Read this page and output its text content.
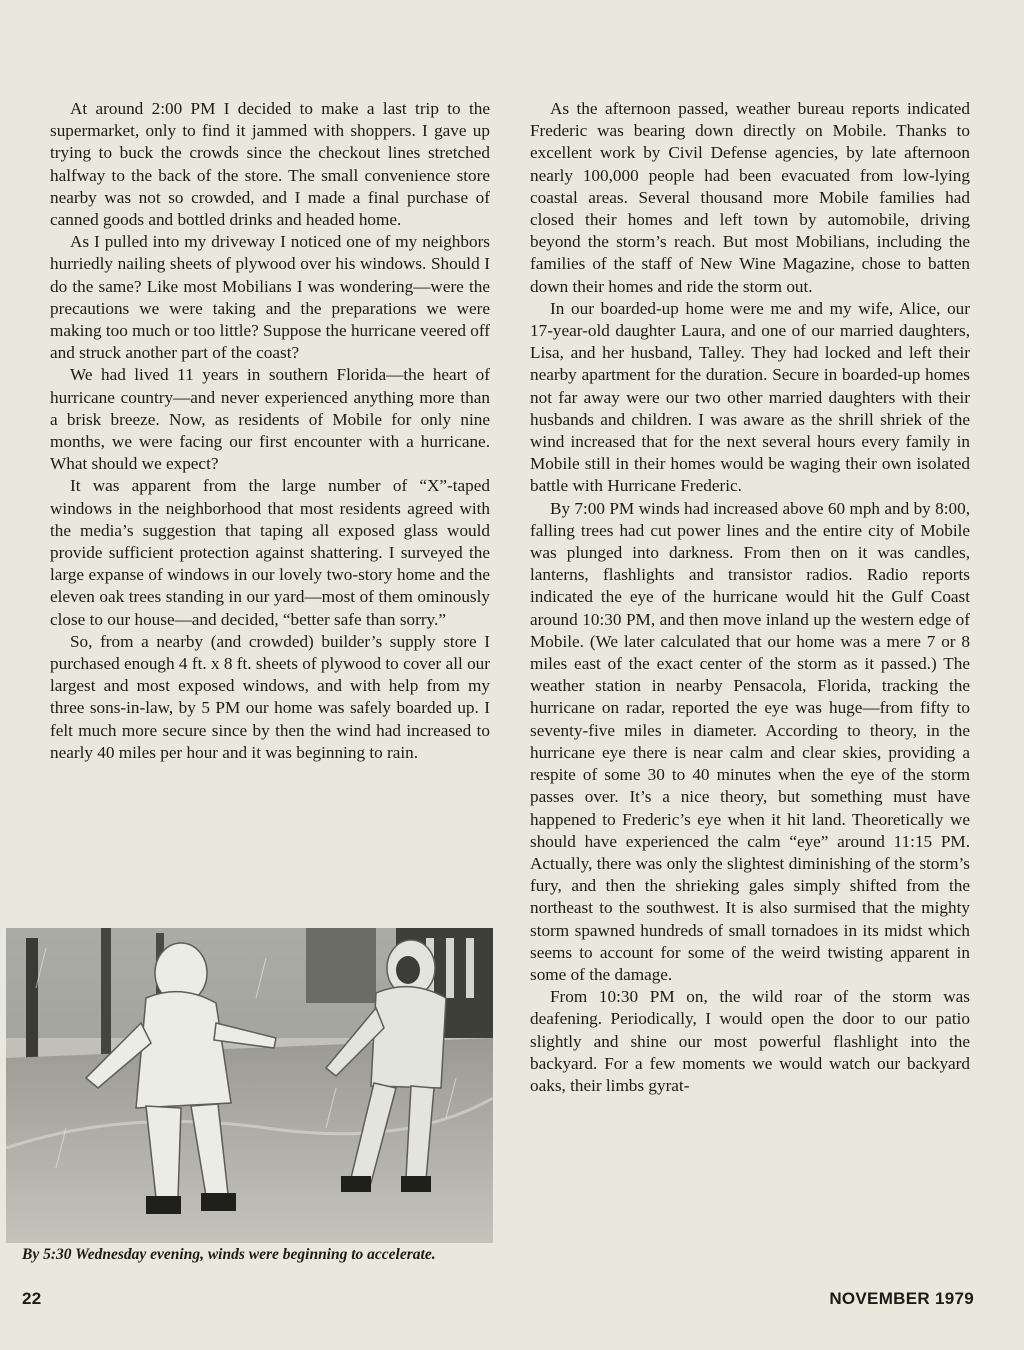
At around 2:00 PM I decided to make a last trip to the supermarket, only to find it jammed with shoppers. I gave up trying to buck the crowds since the checkout lines stretched halfway to the back of the store. The small convenience store nearby was not so crowded, and I made a final purchase of canned goods and bottled drinks and headed home.

As I pulled into my driveway I noticed one of my neighbors hurriedly nailing sheets of plywood over his windows. Should I do the same? Like most Mobilians I was wondering—were the precautions we were taking and the preparations we were making too much or too little? Suppose the hurricane veered off and struck another part of the coast?

We had lived 11 years in southern Florida—the heart of hurricane country—and never experienced anything more than a brisk breeze. Now, as residents of Mobile for only nine months, we were facing our first encounter with a hurricane. What should we expect?

It was apparent from the large number of “X”-taped windows in the neighborhood that most residents agreed with the media’s suggestion that taping all exposed glass would provide sufficient protection against shattering. I surveyed the large expanse of windows in our lovely two-story home and the eleven oak trees standing in our yard—most of them ominously close to our house—and decided, “better safe than sorry.”

So, from a nearby (and crowded) builder’s supply store I purchased enough 4 ft. x 8 ft. sheets of plywood to cover all our largest and most exposed windows, and with help from my three sons-in-law, by 5 PM our home was safely boarded up. I felt much more secure since by then the wind had increased to nearly 40 miles per hour and it was beginning to rain.

As the afternoon passed, weather bureau reports indicated Frederic was bearing down directly on Mobile. Thanks to excellent work by Civil Defense agencies, by late afternoon nearly 100,000 people had been evacuated from low-lying coastal areas. Several thousand more Mobile families had closed their homes and left town by automobile, driving beyond the storm’s reach. But most Mobilians, including the families of the staff of New Wine Magazine, chose to batten down their homes and ride the storm out.

In our boarded-up home were me and my wife, Alice, our 17-year-old daughter Laura, and one of our married daughters, Lisa, and her husband, Talley. They had locked and left their nearby apartment for the duration. Secure in boarded-up homes not far away were our two other married daughters with their husbands and children. I was aware as the shrill shriek of the wind increased that for the next several hours every family in Mobile still in their homes would be waging their own isolated battle with Hurricane Frederic.

By 7:00 PM winds had increased above 60 mph and by 8:00, falling trees had cut power lines and the entire city of Mobile was plunged into darkness. From then on it was candles, lanterns, flashlights and transistor radios. Radio reports indicated the eye of the hurricane would hit the Gulf Coast around 10:30 PM, and then move inland up the western edge of Mobile. (We later calculated that our home was a mere 7 or 8 miles east of the exact center of the storm as it passed.) The weather station in nearby Pensacola, Florida, tracking the hurricane on radar, reported the eye was huge—from fifty to seventy-five miles in diameter. According to theory, in the hurricane eye there is near calm and clear skies, providing a respite of some 30 to 40 minutes when the eye of the storm passes over. It’s a nice theory, but something must have happened to Frederic’s eye when it hit land. Theoretically we should have experienced the calm “eye” around 11:15 PM. Actually, there was only the slightest diminishing of the storm’s fury, and then the shrieking gales simply shifted from the northeast to the southwest. It is also surmised that the mighty storm spawned hundreds of small tornadoes in its midst which seems to account for some of the weird twisting apparent in some of the damage.

From 10:30 PM on, the wild roar of the storm was deafening. Periodically, I would open the door to our patio slightly and shine our most powerful flashlight into the backyard. For a few moments we would watch our backyard oaks, their limbs gyrat-

By 5:30 Wednesday evening, winds were beginning to accelerate.
22	NOVEMBER 1979
